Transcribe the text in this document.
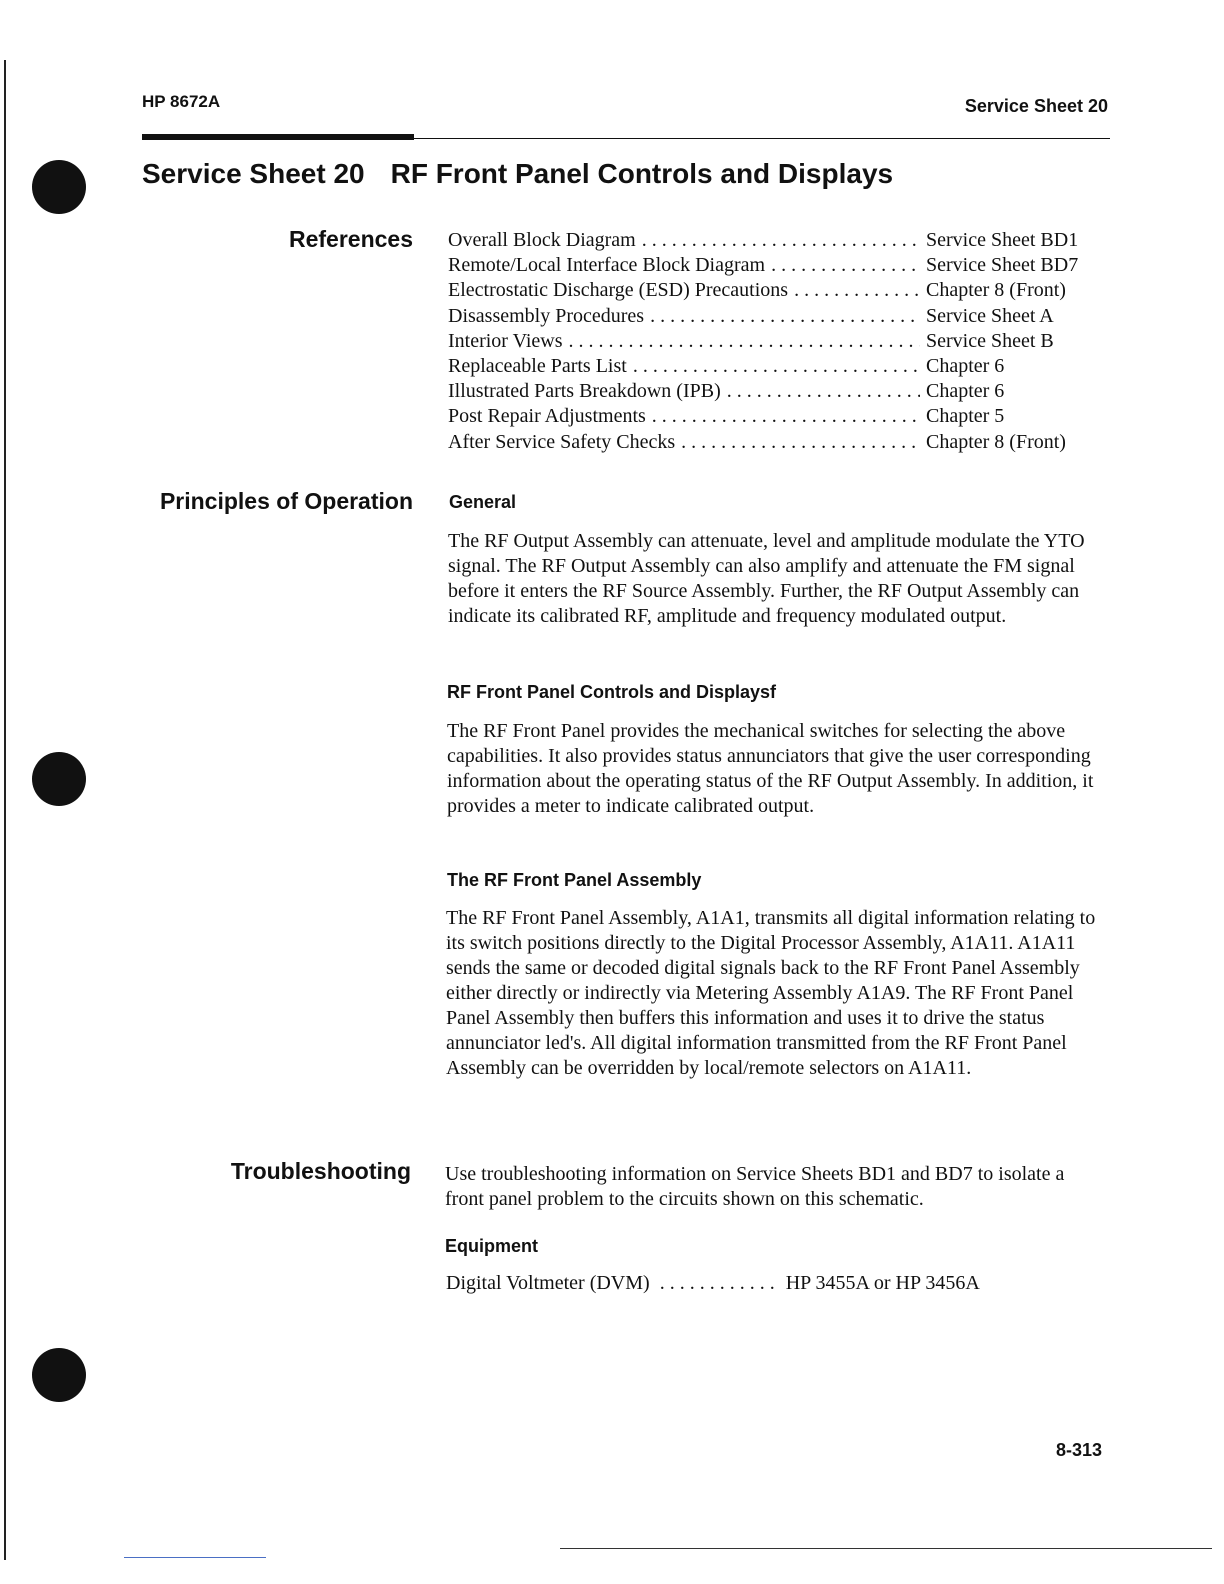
HP 8672A	Service Sheet 20
Service Sheet 20 RF Front Panel Controls and Displays
References Overall Block Diagram . . .	Service Sheet BD1
Remote/Local Interface Block Diagram . . .	Service Sheet BD7
Electrostatic Discharge (ESD) Precautions . . .	Chapter 8 (Front)
Disassembly Procedures . . .	Service Sheet A
Interior Views . . .	Service Sheet B
Replaceable Parts List . . .	Chapter 6
Illustrated Parts Breakdown (IPB) . . .	Chapter 6
Post Repair Adjustments . . .	Chapter 5
After Service Safety Checks . . .	Chapter 8 (Front)
Principles of Operation General
The RF Output Assembly can attenuate, level and amplitude modulate the YTO signal. The RF Output Assembly can also amplify and attenuate the FM signal before it enters the RF Source Assembly. Further, the RF Output Assembly can indicate its calibrated RF, amplitude and frequency modulated output.
RF Front Panel Controls and Displaysf
The RF Front Panel provides the mechanical switches for selecting the above capabilities. It also provides status annunciators that give the user corresponding information about the operating status of the RF Output Assembly. In addition, it provides a meter to indicate calibrated output.
The RF Front Panel Assembly
The RF Front Panel Assembly, A1A1, transmits all digital information relating to its switch positions directly to the Digital Processor Assembly, A1A11. A1A11 sends the same or decoded digital signals back to the RF Front Panel Assembly either directly or indirectly via Metering Assembly A1A9. The RF Front Panel Panel Assembly then buffers this information and uses it to drive the status annunciator led's. All digital information transmitted from the RF Front Panel Assembly can be overridden by local/remote selectors on A1A11.
Troubleshooting Use troubleshooting information on Service Sheets BD1 and BD7 to isolate a front panel problem to the circuits shown on this schematic.
Equipment
Digital Voltmeter (DVM) . . .	HP 3455A or HP 3456A
8-313
